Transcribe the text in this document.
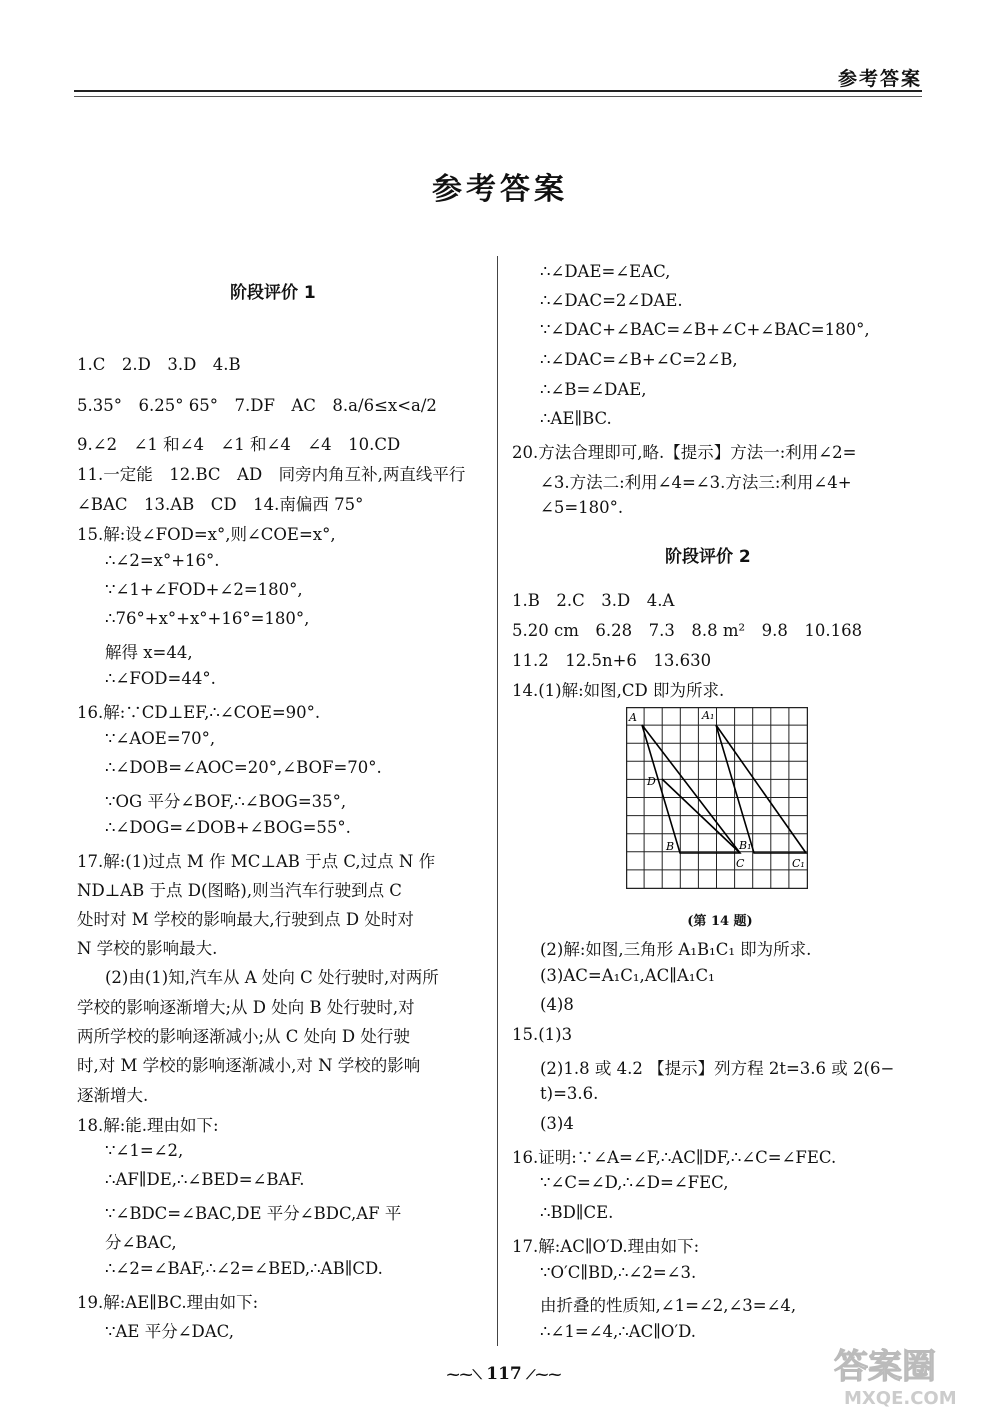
参考答案
参考答案
阶段评价 1
1.C　2.D　3.D　4.B
5.35°　6.25° 65°　7.DF　AC　8.a/6≤x<a/2
9.∠2　∠1 和∠4　∠1 和∠4　∠4　10.CD
11.一定能　12.BC　AD　同旁内角互补,两直线平行
∠BAC　13.AB　CD　14.南偏西 75°
15.解:设∠FOD=x°,则∠COE=x°,
∴∠2=x°+16°.
∵∠1+∠FOD+∠2=180°,
∴76°+x°+x°+16°=180°,
解得 x=44,
∴∠FOD=44°.
16.解:∵CD⊥EF,∴∠COE=90°.
∵∠AOE=70°,
∴∠DOB=∠AOC=20°,∠BOF=70°.
∵OG 平分∠BOF,∴∠BOG=35°,
∴∠DOG=∠DOB+∠BOG=55°.
17.解:(1)过点 M 作 MC⊥AB 于点 C,过点 N 作
ND⊥AB 于点 D(图略),则当汽车行驶到点 C
处时对 M 学校的影响最大,行驶到点 D 处时对
N 学校的影响最大.
(2)由(1)知,汽车从 A 处向 C 处行驶时,对两所
学校的影响逐渐增大;从 D 处向 B 处行驶时,对
两所学校的影响逐渐减小;从 C 处向 D 处行驶
时,对 M 学校的影响逐渐减小,对 N 学校的影响
逐渐增大.
18.解:能.理由如下:
∵∠1=∠2,
∴AF∥DE,∴∠BED=∠BAF.
∵∠BDC=∠BAC,DE 平分∠BDC,AF 平
分∠BAC,
∴∠2=∠BAF,∴∠2=∠BED,∴AB∥CD.
19.解:AE∥BC.理由如下:
∵AE 平分∠DAC,
∴∠DAE=∠EAC,
∴∠DAC=2∠DAE.
∵∠DAC+∠BAC=∠B+∠C+∠BAC=180°,
∴∠DAC=∠B+∠C=2∠B,
∴∠B=∠DAE,
∴AE∥BC.
20.方法合理即可,略.【提示】方法一:利用∠2=
∠3.方法二:利用∠4=∠3.方法三:利用∠4+
∠5=180°.
阶段评价 2
1.B　2.C　3.D　4.A
5.20 cm　6.28　7.3　8.8 m²　9.8　10.168
11.2　12.5n+6　13.630
14.(1)解:如图,CD 即为所求.
(2)解:如图,三角形 A₁B₁C₁ 即为所求.
(3)AC=A₁C₁,AC∥A₁C₁
(4)8
15.(1)3
(2)1.8 或 4.2 【提示】列方程 2t=3.6 或 2(6−
t)=3.6.
(3)4
16.证明:∵∠A=∠F,∴AC∥DF,∴∠C=∠FEC.
∵∠C=∠D,∴∠D=∠FEC,
∴BD∥CE.
17.解:AC∥O′D.理由如下:
∵O′C∥BD,∴∠2=∠3.
由折叠的性质知,∠1=∠2,∠3=∠4,
∴∠1=∠4,∴AC∥O′D.
A	A₁
D
B	B₁
C	C₁
(第 14 题)
⁓⁓⟍ 117 ⟋⁓⁓	答案圈
MXQE.COM
